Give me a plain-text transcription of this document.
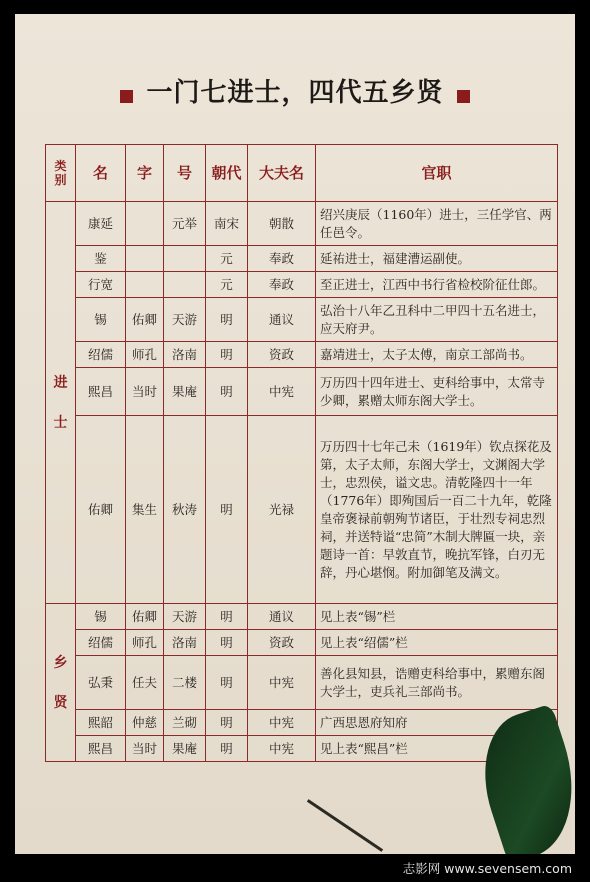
一门七进士，四代五乡贤
类别	名	字	号	朝代	大夫名	官职
进士	康延		元举	南宋	朝散	绍兴庚辰（1160年）进士，三任学官、两任邑令。
	鉴			元	奉政	延祐进士，福建漕运副使。
	行宽			元	奉政	至正进士，江西中书行省检校阶征仕郎。
	锡	佑卿	天游	明	通议	弘治十八年乙丑科中二甲四十五名进士，应天府尹。
	绍儒	师孔	洛南	明	资政	嘉靖进士，太子太傅，南京工部尚书。
	熙昌	当时	果庵	明	中宪	万历四十四年进士、吏科给事中，太常寺少卿，累赠太师东阁大学士。
	佑卿	集生	秋涛	明	光禄	万历四十七年己未（1619年）钦点探花及第，太子太师，东阁大学士，文渊阁大学士，忠烈侯，谥文忠。清乾隆四十一年（1776年）即殉国后一百二十九年，乾隆皇帝褒禄前朝殉节诸臣，于壮烈专祠忠烈祠，并送特谥“忠简”木制大牌匾一块，亲题诗一首：早敦直节，晚抗军锋，白刃无辞，丹心堪悯。附加御笔及满文。
乡贤	锡	佑卿	天游	明	通议	见上表“锡”栏
	绍儒	师孔	洛南	明	资政	见上表“绍儒”栏
	弘秉	任夫	二楼	明	中宪	善化县知县，诰赠吏科给事中，累赠东阁大学士，吏兵礼三部尚书。
	熙韶	仲慈	兰砌	明	中宪	广西思恩府知府
	熙昌	当时	果庵	明	中宪	见上表“熙昌”栏
志影网 www.sevensem.com
